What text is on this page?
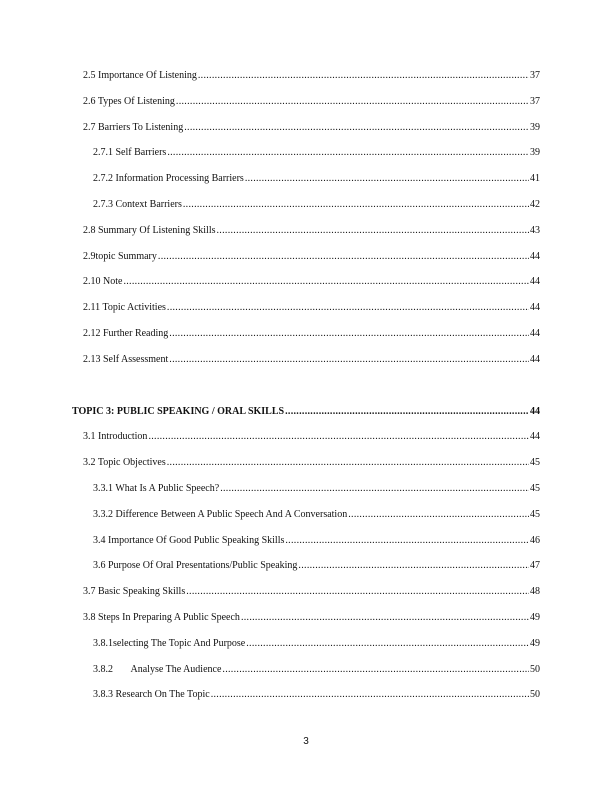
2.5 Importance Of Listening .....	37
2.6 Types Of Listening .....	37
2.7 Barriers To Listening .....	39
2.7.1 Self Barriers .....	39
2.7.2 Information Processing Barriers .....	41
2.7.3 Context Barriers .....	42
2.8 Summary Of Listening Skills .....	43
2.9topic Summary .....	44
2.10 Note .....	44
2.11 Topic Activities .....	44
2.12 Further Reading .....	44
2.13 Self Assessment .....	44
TOPIC 3: PUBLIC SPEAKING / ORAL SKILLS .....	44
3.1 Introduction .....	44
3.2 Topic Objectives .....	45
3.3.1 What Is A Public Speech? .....	45
3.3.2 Difference Between A Public Speech And A Conversation .....	45
3.4 Importance Of Good Public Speaking Skills .....	46
3.6 Purpose Of Oral Presentations/Public Speaking .....	47
3.7 Basic Speaking Skills .....	48
3.8 Steps In Preparing A Public Speech .....	49
3.8.1selecting The Topic And Purpose .....	49
3.8.2       Analyse The Audience .....	50
3.8.3 Research On The Topic .....	50
3
